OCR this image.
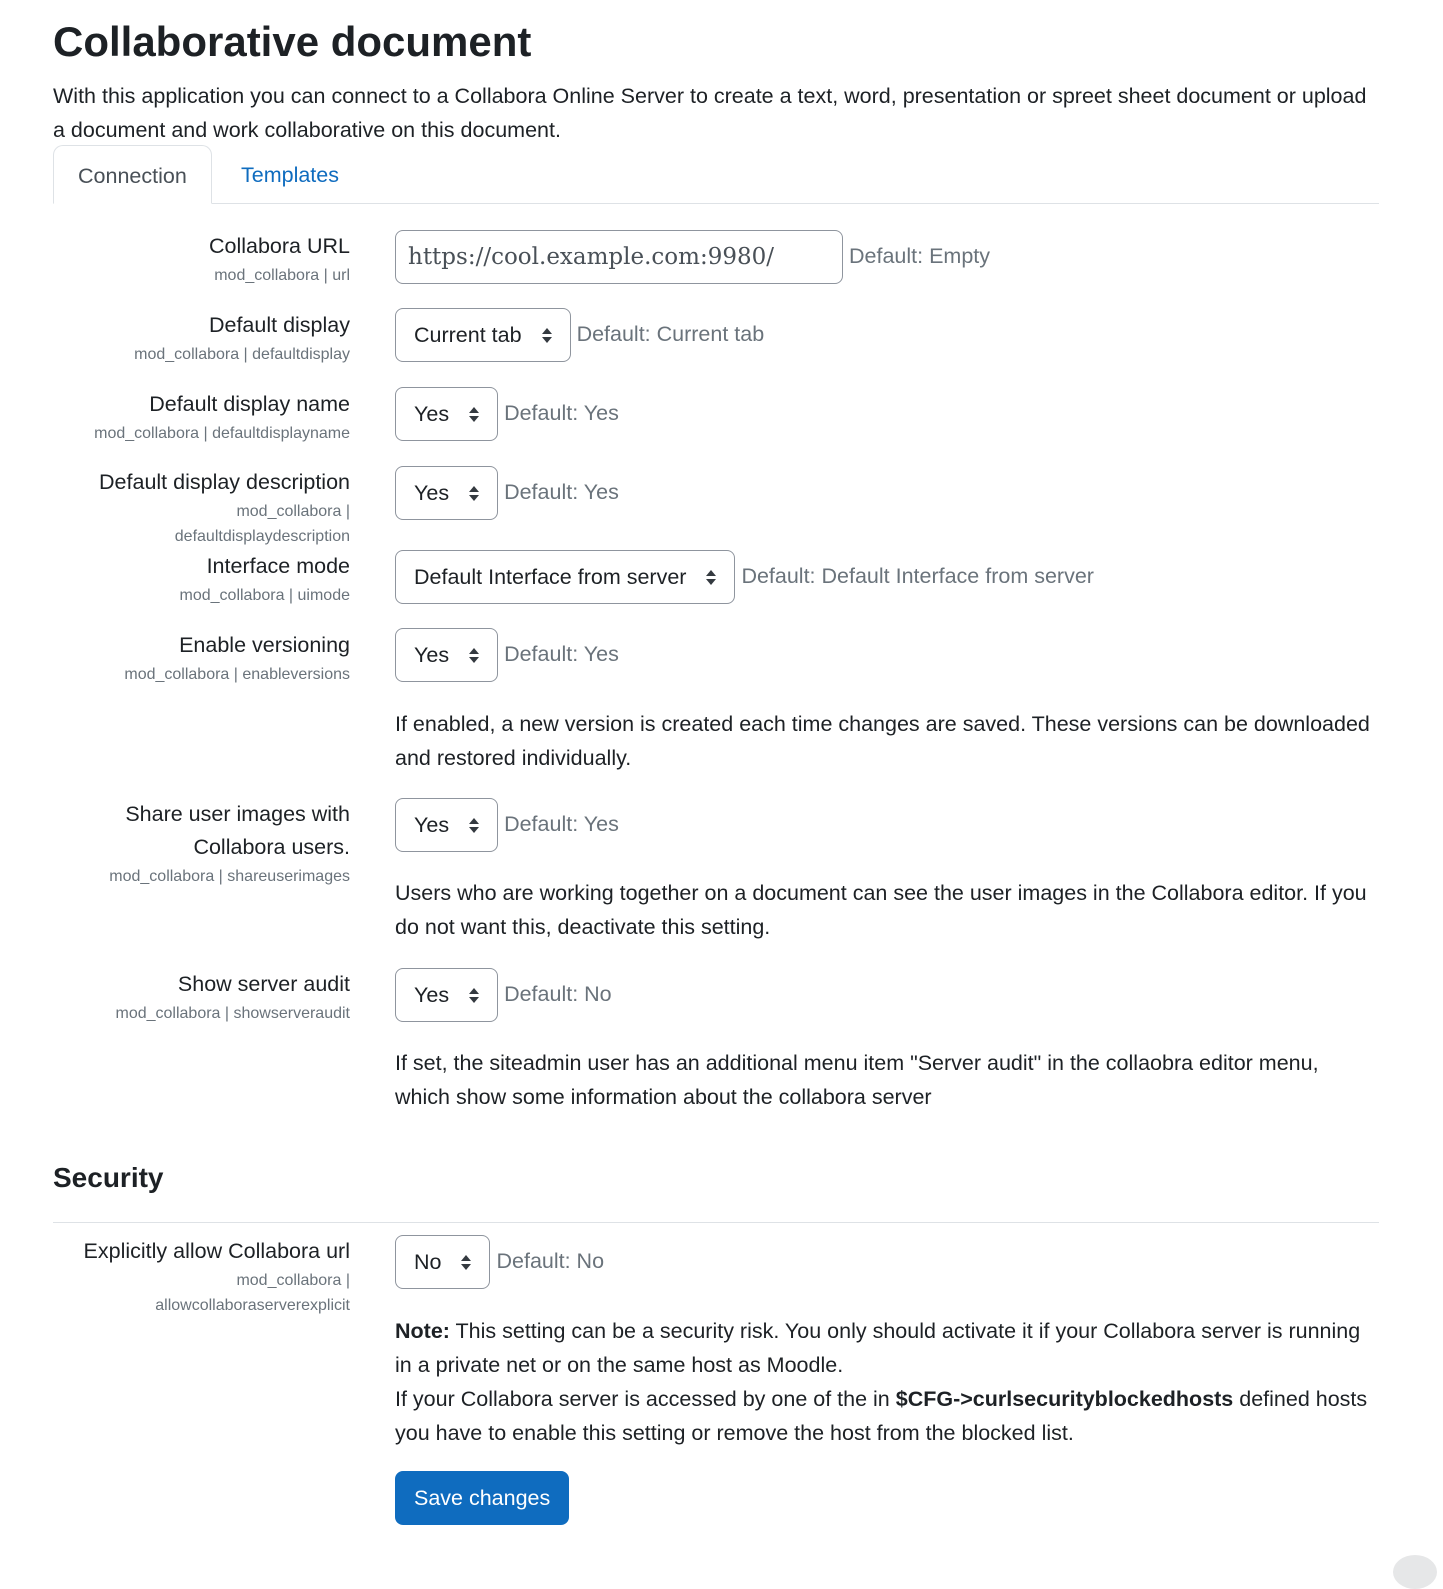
Collaborative document
With this application you can connect to a Collabora Online Server to create a text, word, presentation or spreet sheet document or upload a document and work collaborative on this document.
Connection	Templates
Collabora URL
mod_collabora | url
https://cool.example.com:9980/
Default: Empty
Default display
mod_collabora | defaultdisplay
Current tab	Default: Current tab
Default display name
mod_collabora | defaultdisplayname
Yes	Default: Yes
Default display description
mod_collabora |
defaultdisplaydescription
Yes	Default: Yes
Interface mode
mod_collabora | uimode
Default Interface from server	Default: Default Interface from server
Enable versioning
mod_collabora | enableversions
Yes	Default: Yes
If enabled, a new version is created each time changes are saved. These versions can be downloaded and restored individually.
Share user images with
Collabora users.
mod_collabora | shareuserimages
Yes	Default: Yes
Users who are working together on a document can see the user images in the Collabora editor. If you do not want this, deactivate this setting.
Show server audit
mod_collabora | showserveraudit
Yes	Default: No
If set, the siteadmin user has an additional menu item "Server audit" in the collaobra editor menu, which show some information about the collabora server
Security
Explicitly allow Collabora url
mod_collabora |
allowcollaboraserverexplicit
No	Default: No
Note: This setting can be a security risk. You only should activate it if your Collabora server is running in a private net or on the same host as Moodle.
If your Collabora server is accessed by one of the in $CFG->curlsecurityblockedhosts defined hosts you have to enable this setting or remove the host from the blocked list.
Save changes
